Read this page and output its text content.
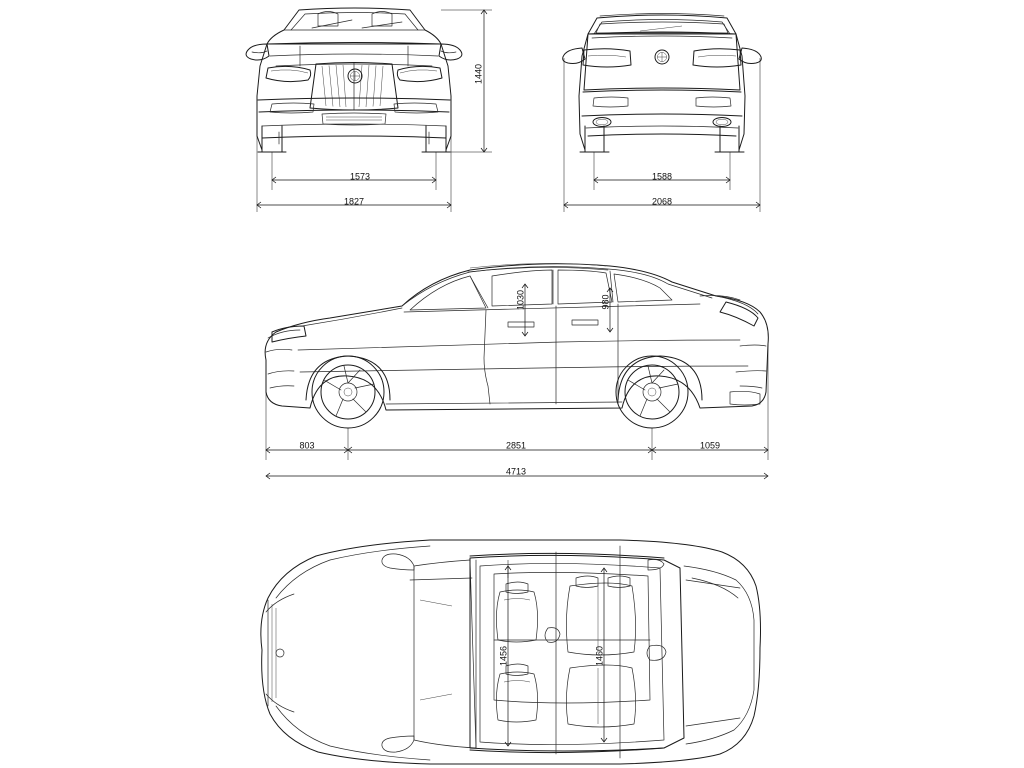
1440
1573
1827
1588
2068
1030	980
803	2851	1059
4713
1456	1460
